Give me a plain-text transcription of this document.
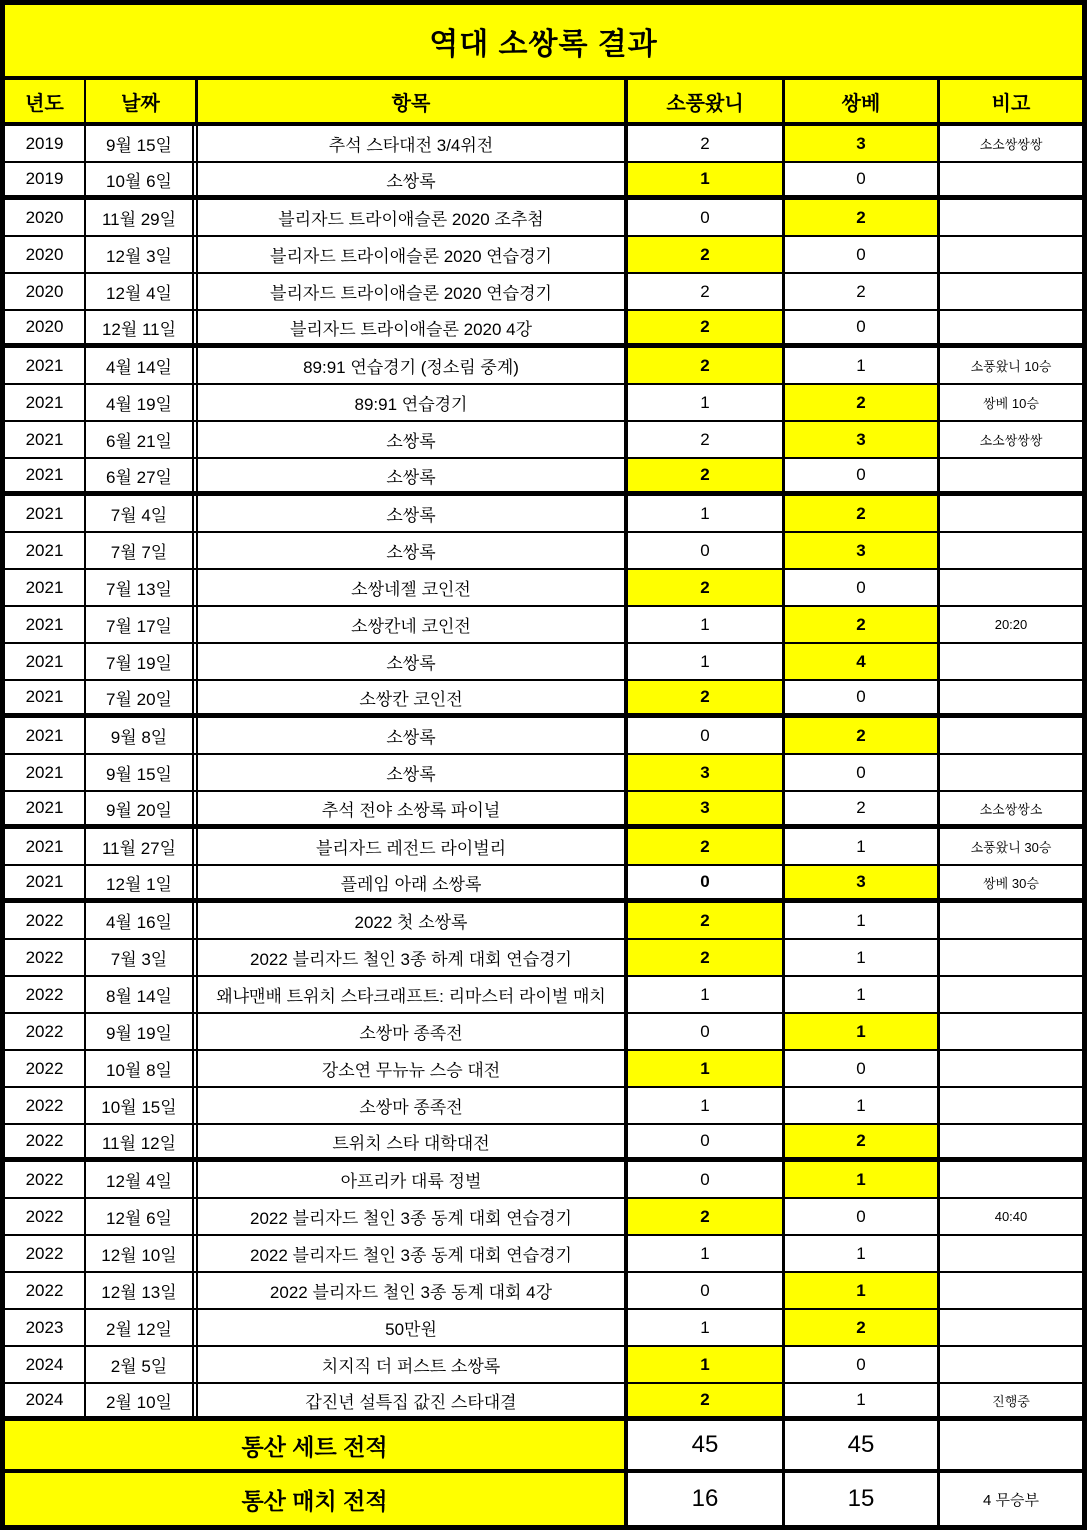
역대 소쌍록 결과
년도	날짜	항목	소풍왔니	쌍베	비고
2019	9월 15일	추석 스타대전 3/4위전	2	3	소소쌍쌍쌍
2019	10월 6일	소쌍록	1	0
2020	11월 29일	블리자드 트라이애슬론 2020 조추첨	0	2
2020	12월 3일	블리자드 트라이애슬론 2020 연습경기	2	0
2020	12월 4일	블리자드 트라이애슬론 2020 연습경기	2	2
2020	12월 11일	블리자드 트라이애슬론 2020 4강	2	0
2021	4월 14일	89:91 연습경기 (정소림 중계)	2	1	소풍왔니 10승
2021	4월 19일	89:91 연습경기	1	2	쌍베 10승
2021	6월 21일	소쌍록	2	3	소소쌍쌍쌍
2021	6월 27일	소쌍록	2	0
2021	7월 4일	소쌍록	1	2
2021	7월 7일	소쌍록	0	3
2021	7월 13일	소쌍네젤 코인전	2	0
2021	7월 17일	소쌍칸네 코인전	1	2	20:20
2021	7월 19일	소쌍록	1	4
2021	7월 20일	소쌍칸 코인전	2	0
2021	9월 8일	소쌍록	0	2
2021	9월 15일	소쌍록	3	0
2021	9월 20일	추석 전야 소쌍록 파이널	3	2	소소쌍쌍소
2021	11월 27일	블리자드 레전드 라이벌리	2	1	소풍왔니 30승
2021	12월 1일	플레임 아래 소쌍록	0	3	쌍베 30승
2022	4월 16일	2022 첫 소쌍록	2	1
2022	7월 3일	2022 블리자드 철인 3종 하계 대회 연습경기	2	1
2022	8월 14일	왜냐맨배 트위치 스타크래프트: 리마스터 라이벌 매치	1	1
2022	9월 19일	소쌍마 종족전	0	1
2022	10월 8일	강소연 무뉴뉴 스승 대전	1	0
2022	10월 15일	소쌍마 종족전	1	1
2022	11월 12일	트위치 스타 대학대전	0	2
2022	12월 4일	아프리카 대륙 정벌	0	1
2022	12월 6일	2022 블리자드 철인 3종 동계 대회 연습경기	2	0	40:40
2022	12월 10일	2022 블리자드 철인 3종 동계 대회 연습경기	1	1
2022	12월 13일	2022 블리자드 철인 3종 동계 대회 4강	0	1
2023	2월 12일	50만원	1	2
2024	2월 5일	치지직 더 퍼스트 소쌍록	1	0
2024	2월 10일	갑진년 설특집 값진 스타대결	2	1	진행중
통산 세트 전적	45	45
통산 매치 전적	16	15	4 무승부
